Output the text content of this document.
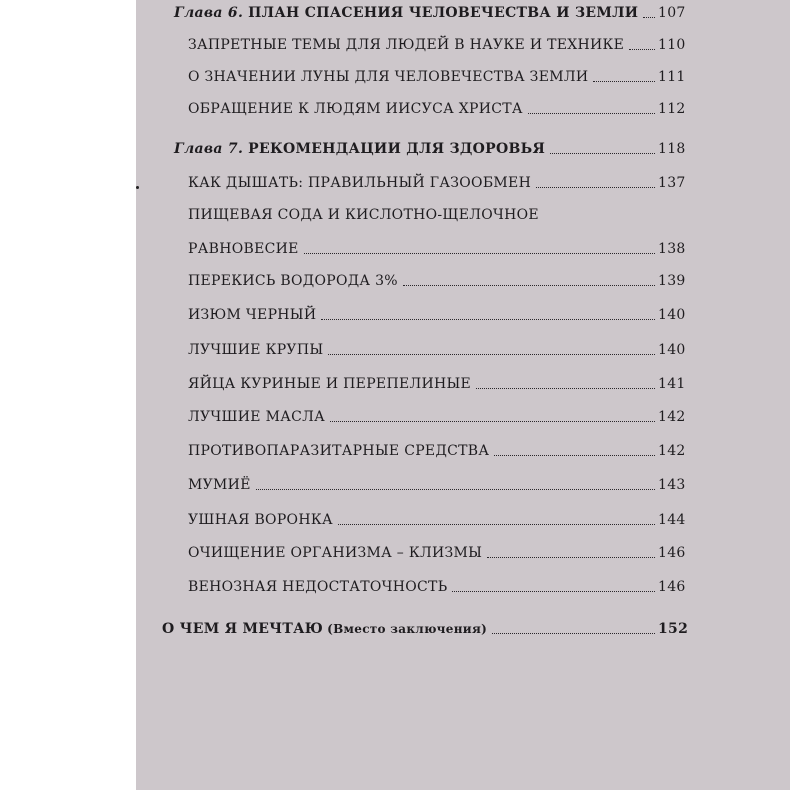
Глава 6. ПЛАН СПАСЕНИЯ ЧЕЛОВЕЧЕСТВА И ЗЕМЛИ 107
ЗАПРЕТНЫЕ ТЕМЫ ДЛЯ ЛЮДЕЙ В НАУКЕ И ТЕХНИКЕ 110
О ЗНАЧЕНИИ ЛУНЫ ДЛЯ ЧЕЛОВЕЧЕСТВА ЗЕМЛИ	111
ОБРАЩЕНИЕ К ЛЮДЯМ ИИСУСА ХРИСТА	112
Глава 7. РЕКОМЕНДАЦИИ ДЛЯ ЗДОРОВЬЯ	118
КАК ДЫШАТЬ: ПРАВИЛЬНЫЙ ГАЗООБМЕН	137
ПИЩЕВАЯ СОДА И КИСЛОТНО-ЩЕЛОЧНОЕ
РАВНОВЕСИЕ	138
ПЕРЕКИСЬ ВОДОРОДА 3%	139
ИЗЮМ ЧЕРНЫЙ	140
ЛУЧШИЕ КРУПЫ	140
ЯЙЦА КУРИНЫЕ И ПЕРЕПЕЛИНЫЕ	141
ЛУЧШИЕ МАСЛА	142
ПРОТИВОПАРАЗИТАРНЫЕ СРЕДСТВА	142
МУМИЁ	143
УШНАЯ ВОРОНКА	144
ОЧИЩЕНИЕ ОРГАНИЗМА – КЛИЗМЫ	146
ВЕНОЗНАЯ НЕДОСТАТОЧНОСТЬ	146
О ЧЕМ Я МЕЧТАЮ (Вместо заключения)	152
